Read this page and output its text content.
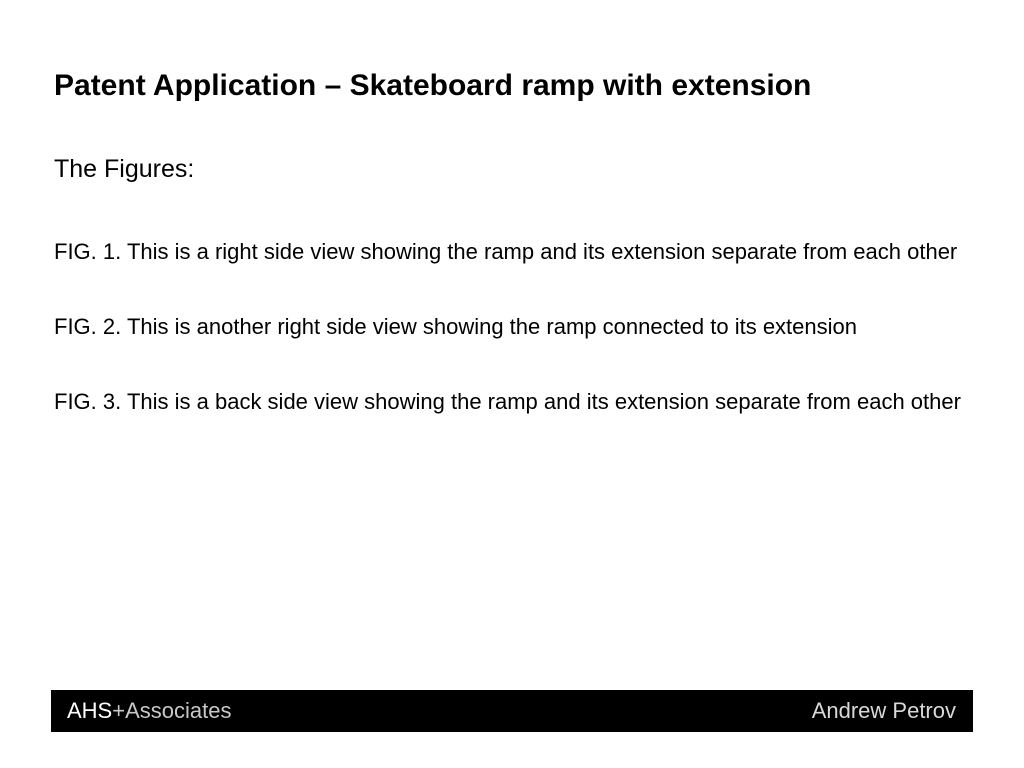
Patent Application – Skateboard ramp with extension
The Figures:
FIG. 1. This is a right side view showing the ramp and its extension separate from each other
FIG. 2. This is another right side view showing the ramp connected to its extension
FIG. 3. This is a back side view showing the ramp and its extension separate from each other
AHS+Associates	Andrew Petrov
